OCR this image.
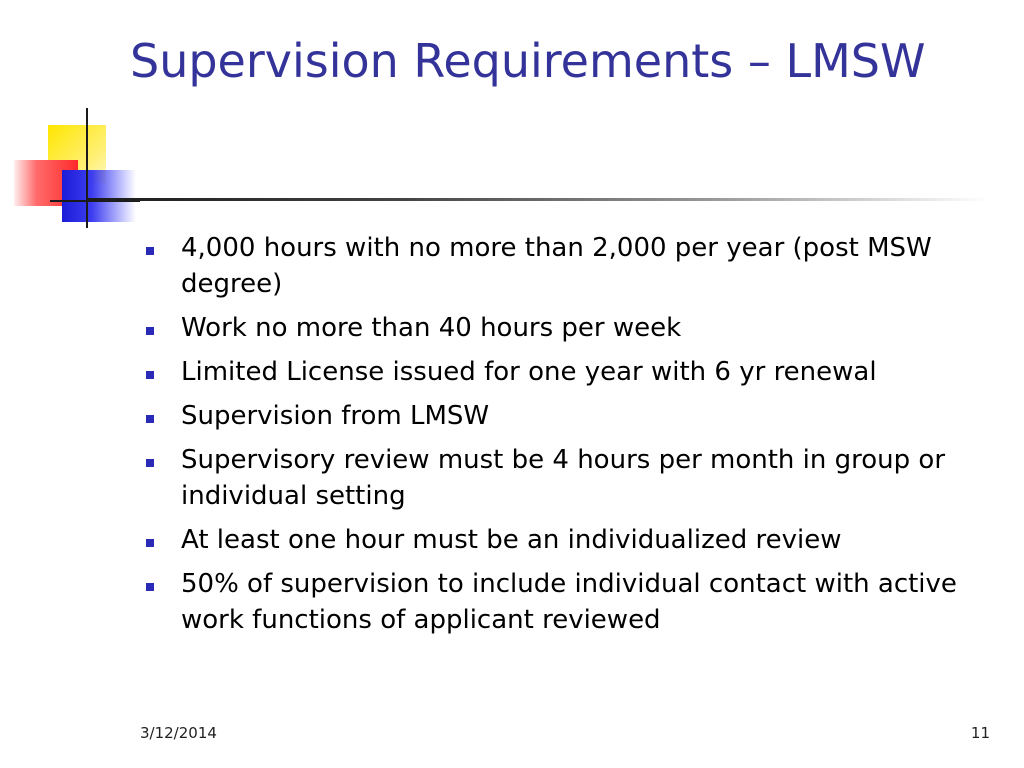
Supervision Requirements – LMSW
4,000 hours with no more than 2,000 per year (post MSW degree)
Work no more than 40 hours per week
Limited License issued for one year with 6 yr renewal
Supervision from LMSW
Supervisory review must be 4 hours per month in group or individual setting
At least one hour must be an individualized review
50% of supervision to include individual contact with active work functions of applicant reviewed
3/12/2014	11
